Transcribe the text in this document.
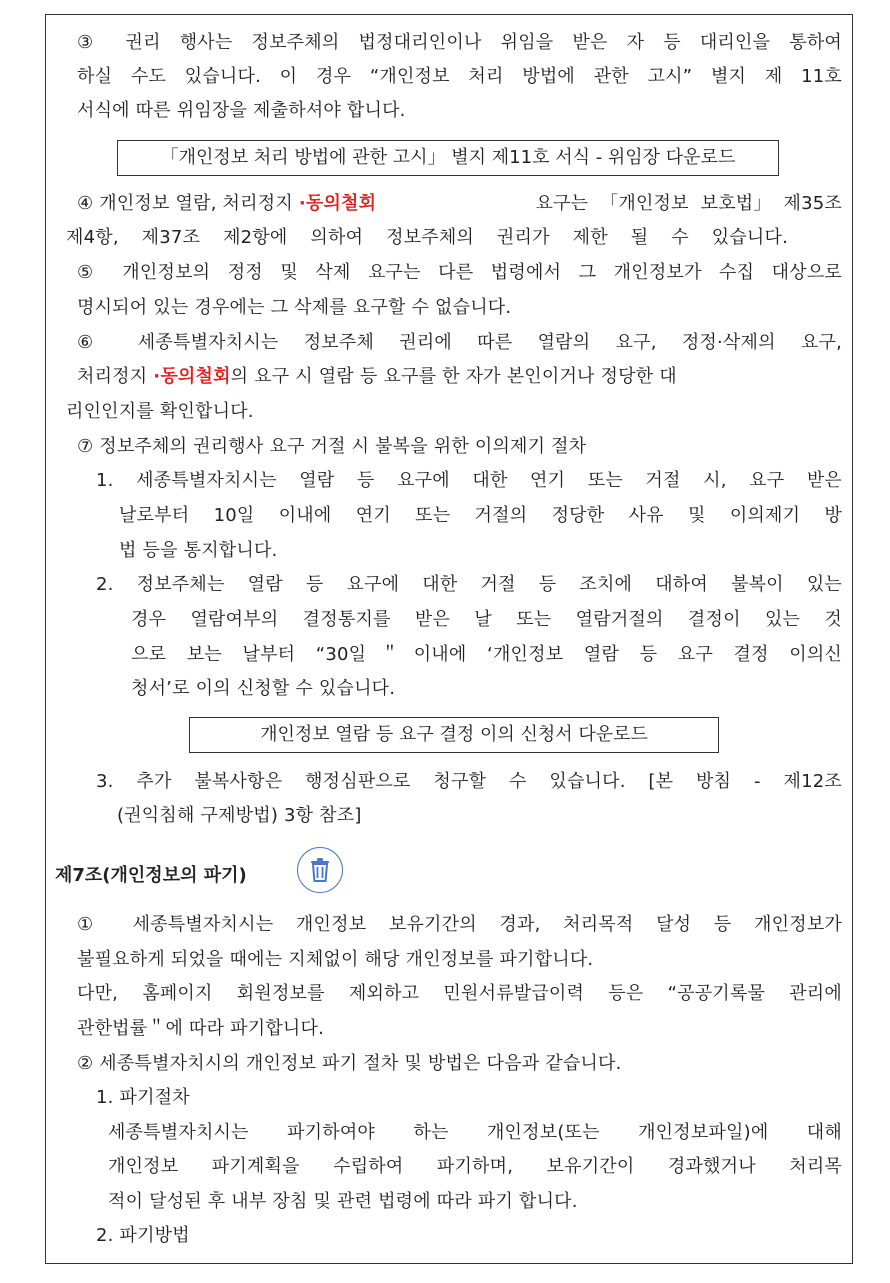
③ 권리 행사는 정보주체의 법정대리인이나 위임을 받은 자 등 대리인을 통하여
하실 수도 있습니다. 이 경우 “개인정보 처리 방법에 관한 고시” 별지 제 11호
서식에 따른 위임장을 제출하셔야 합니다.
「개인정보 처리 방법에 관한 고시」 별지 제11호 서식 - 위임장 다운로드
④ 개인정보 열람, 처리정지 ·동의철회	요구는 「개인정보 보호법」 제35조
제4항, 제37조 제2항에 의하여 정보주체의 권리가 제한 될 수 있습니다.
⑤ 개인정보의 정정 및 삭제 요구는 다른 법령에서 그 개인정보가 수집 대상으로
명시되어 있는 경우에는 그 삭제를 요구할 수 없습니다.
⑥ 세종특별자치시는 정보주체 권리에 따른 열람의 요구, 정정·삭제의 요구,
처리정지 ·동의철회의 요구 시 열람 등 요구를 한 자가 본인이거나 정당한 대
리인인지를 확인합니다.
⑦ 정보주체의 권리행사 요구 거절 시 불복을 위한 이의제기 절차
1. 세종특별자치시는 열람 등 요구에 대한 연기 또는 거절 시, 요구 받은
날로부터 10일 이내에 연기 또는 거절의 정당한 사유 및 이의제기 방
법 등을 통지합니다.
2. 정보주체는 열람 등 요구에 대한 거절 등 조치에 대하여 불복이 있는
경우 열람여부의 결정통지를 받은 날 또는 열람거절의 결정이 있는 것
으로 보는 날부터 “30일＂이내에 ‘개인정보 열람 등 요구 결정 이의신
청서’로 이의 신청할 수 있습니다.
개인정보 열람 등 요구 결정 이의 신청서 다운로드
3. 추가 불복사항은 행정심판으로 청구할 수 있습니다. [본 방침 - 제12조
(권익침해 구제방법) 3항 참조]
제7조(개인정보의 파기)
① 세종특별자치시는 개인정보 보유기간의 경과, 처리목적 달성 등 개인정보가
불필요하게 되었을 때에는 지체없이 해당 개인정보를 파기합니다.
다만, 홈페이지 회원정보를 제외하고 민원서류발급이력 등은 “공공기록물 관리에
관한법률＂에 따라 파기합니다.
② 세종특별자치시의 개인정보 파기 절차 및 방법은 다음과 같습니다.
1. 파기절차
세종특별자치시는 파기하여야 하는 개인정보(또는 개인정보파일)에 대해
개인정보 파기계획을 수립하여 파기하며, 보유기간이 경과했거나 처리목
적이 달성된 후 내부 장침 및 관련 법령에 따라 파기 합니다.
2. 파기방법
